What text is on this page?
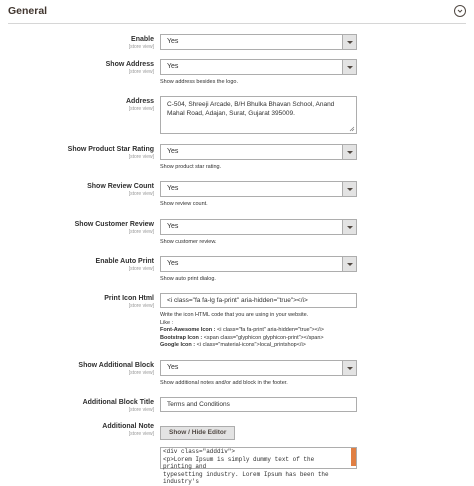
General
Enable
[store view]
Yes
Show Address
[store view]
Yes
Show address besides the logo.
Address
[store view]
C-504, Shreeji Arcade, B/H Bhulka Bhavan School, Anand Mahal Road, Adajan, Surat, Gujarat 395009.
Show Product Star Rating
[store view]
Yes
Show product star rating.
Show Review Count
[store view]
Yes
Show review count.
Show Customer Review
[store view]
Yes
Show customer review.
Enable Auto Print
[store view]
Yes
Show auto print dialog.
Print Icon Html
[store view]
<i class="fa fa-lg fa-print" aria-hidden="true"></i>
Write the icon HTML code that you are using in your website.
Like :
Font-Awesome Icon : <i class="fa fa-print" aria-hidden="true"></i>
Bootstrap Icon : <span class="glyphicon glyphicon-print"></span>
Google Icon : <i class="material-icons">local_printshop</i>
Show Additional Block
[store view]
Yes
Show additional notes and/or add block in the footer.
Additional Block Title
[store view]
Terms and Conditions
Additional Note
[store view]	Show / Hide Editor
<div class="adddiv">
<p>Lorem Ipsum is simply dummy text of the printing and
typesetting industry. Lorem Ipsum has been the industry's
